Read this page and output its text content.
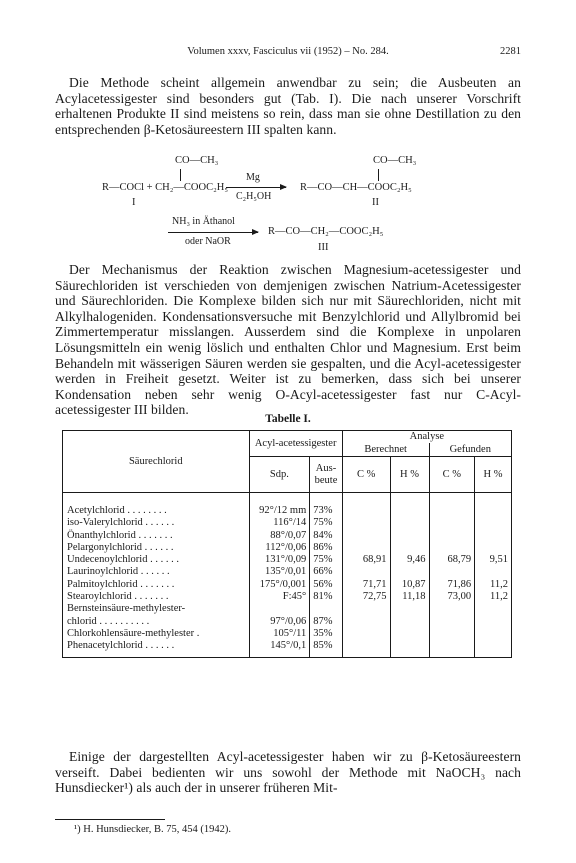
Volumen xxxv, Fasciculus vii (1952) – No. 284.	2281
Die Methode scheint allgemein anwendbar zu sein; die Ausbeuten an Acylacetessigester sind besonders gut (Tab. I). Die nach unserer Vorschrift erhaltenen Produkte II sind meistens so rein, dass man sie ohne Destillation zu den entsprechenden β-Ketosäureestern III spalten kann.
CO—CH₃
R—COCl + CH₂—COOC₂H₅
I
Mg
C₂H₅OH
CO—CH₃
R—CO—CH—COOC₂H₅
II
NH₃ in Äthanol
oder NaOR
R—CO—CH₂—COOC₂H₅
III
Der Mechanismus der Reaktion zwischen Magnesium-acetessigester und Säurechloriden ist verschieden von demjenigen zwischen Natrium-Acetessigester und Säurechloriden. Die Komplexe bilden sich nur mit Säurechloriden, nicht mit Alkylhalogeniden. Kondensationsversuche mit Benzylchlorid und Allylbromid bei Zimmertemperatur misslangen. Ausserdem sind die Komplexe in unpolaren Lösungsmitteln ein wenig löslich und enthalten Chlor und Magnesium. Erst beim Behandeln mit wässerigen Säuren werden sie gespalten, und die Acyl-acetessigester werden in Freiheit gesetzt. Weiter ist zu bemerken, dass sich bei unserer Kondensation neben sehr wenig O-Acyl-acetessigester fast nur C-Acyl-acetessigester III bilden.
Tabelle I.
Säurechlorid	Acyl-acetessigester		Analyse
Berechnet Gefunden			

	Sdp.	Aus-beute	C %	H %	C %	H %
Acetylchlorid . . . . . . . .	92°/12 mm	73%				
iso-Valerylchlorid . . . . . .	116°/14	75%				
Önanthylchlorid . . . . . . .	88°/0,07	84%				
Pelargonylchlorid . . . . . .	112°/0,06	86%				
Undecenoylchlorid . . . . . .	131°/0,09	75%	68,91	9,46	68,79	9,51
Laurinoylchlorid . . . . . .	135°/0,01	66%				
Palmitoylchlorid . . . . . . .	175°/0,001	56%	71,71	10,87	71,86	11,2
Stearoylchlorid . . . . . . .	F:45°	81%	72,75	11,18	73,00	11,2
Bernsteinsäure-methylester-						
chlorid . . . . . . . . . .	97°/0,06	87%				
Chlorkohlensäure-methylester .	105°/11	35%				
Phenacetylchlorid . . . . . .	145°/0,1	85%				
Einige der dargestellten Acyl-acetessigester haben wir zu β-Ketosäureestern verseift. Dabei bedienten wir uns sowohl der Methode mit NaOCH₃ nach Hunsdiecker¹) als auch der in unserer früheren Mit-
¹) H. Hunsdiecker, B. 75, 454 (1942).
